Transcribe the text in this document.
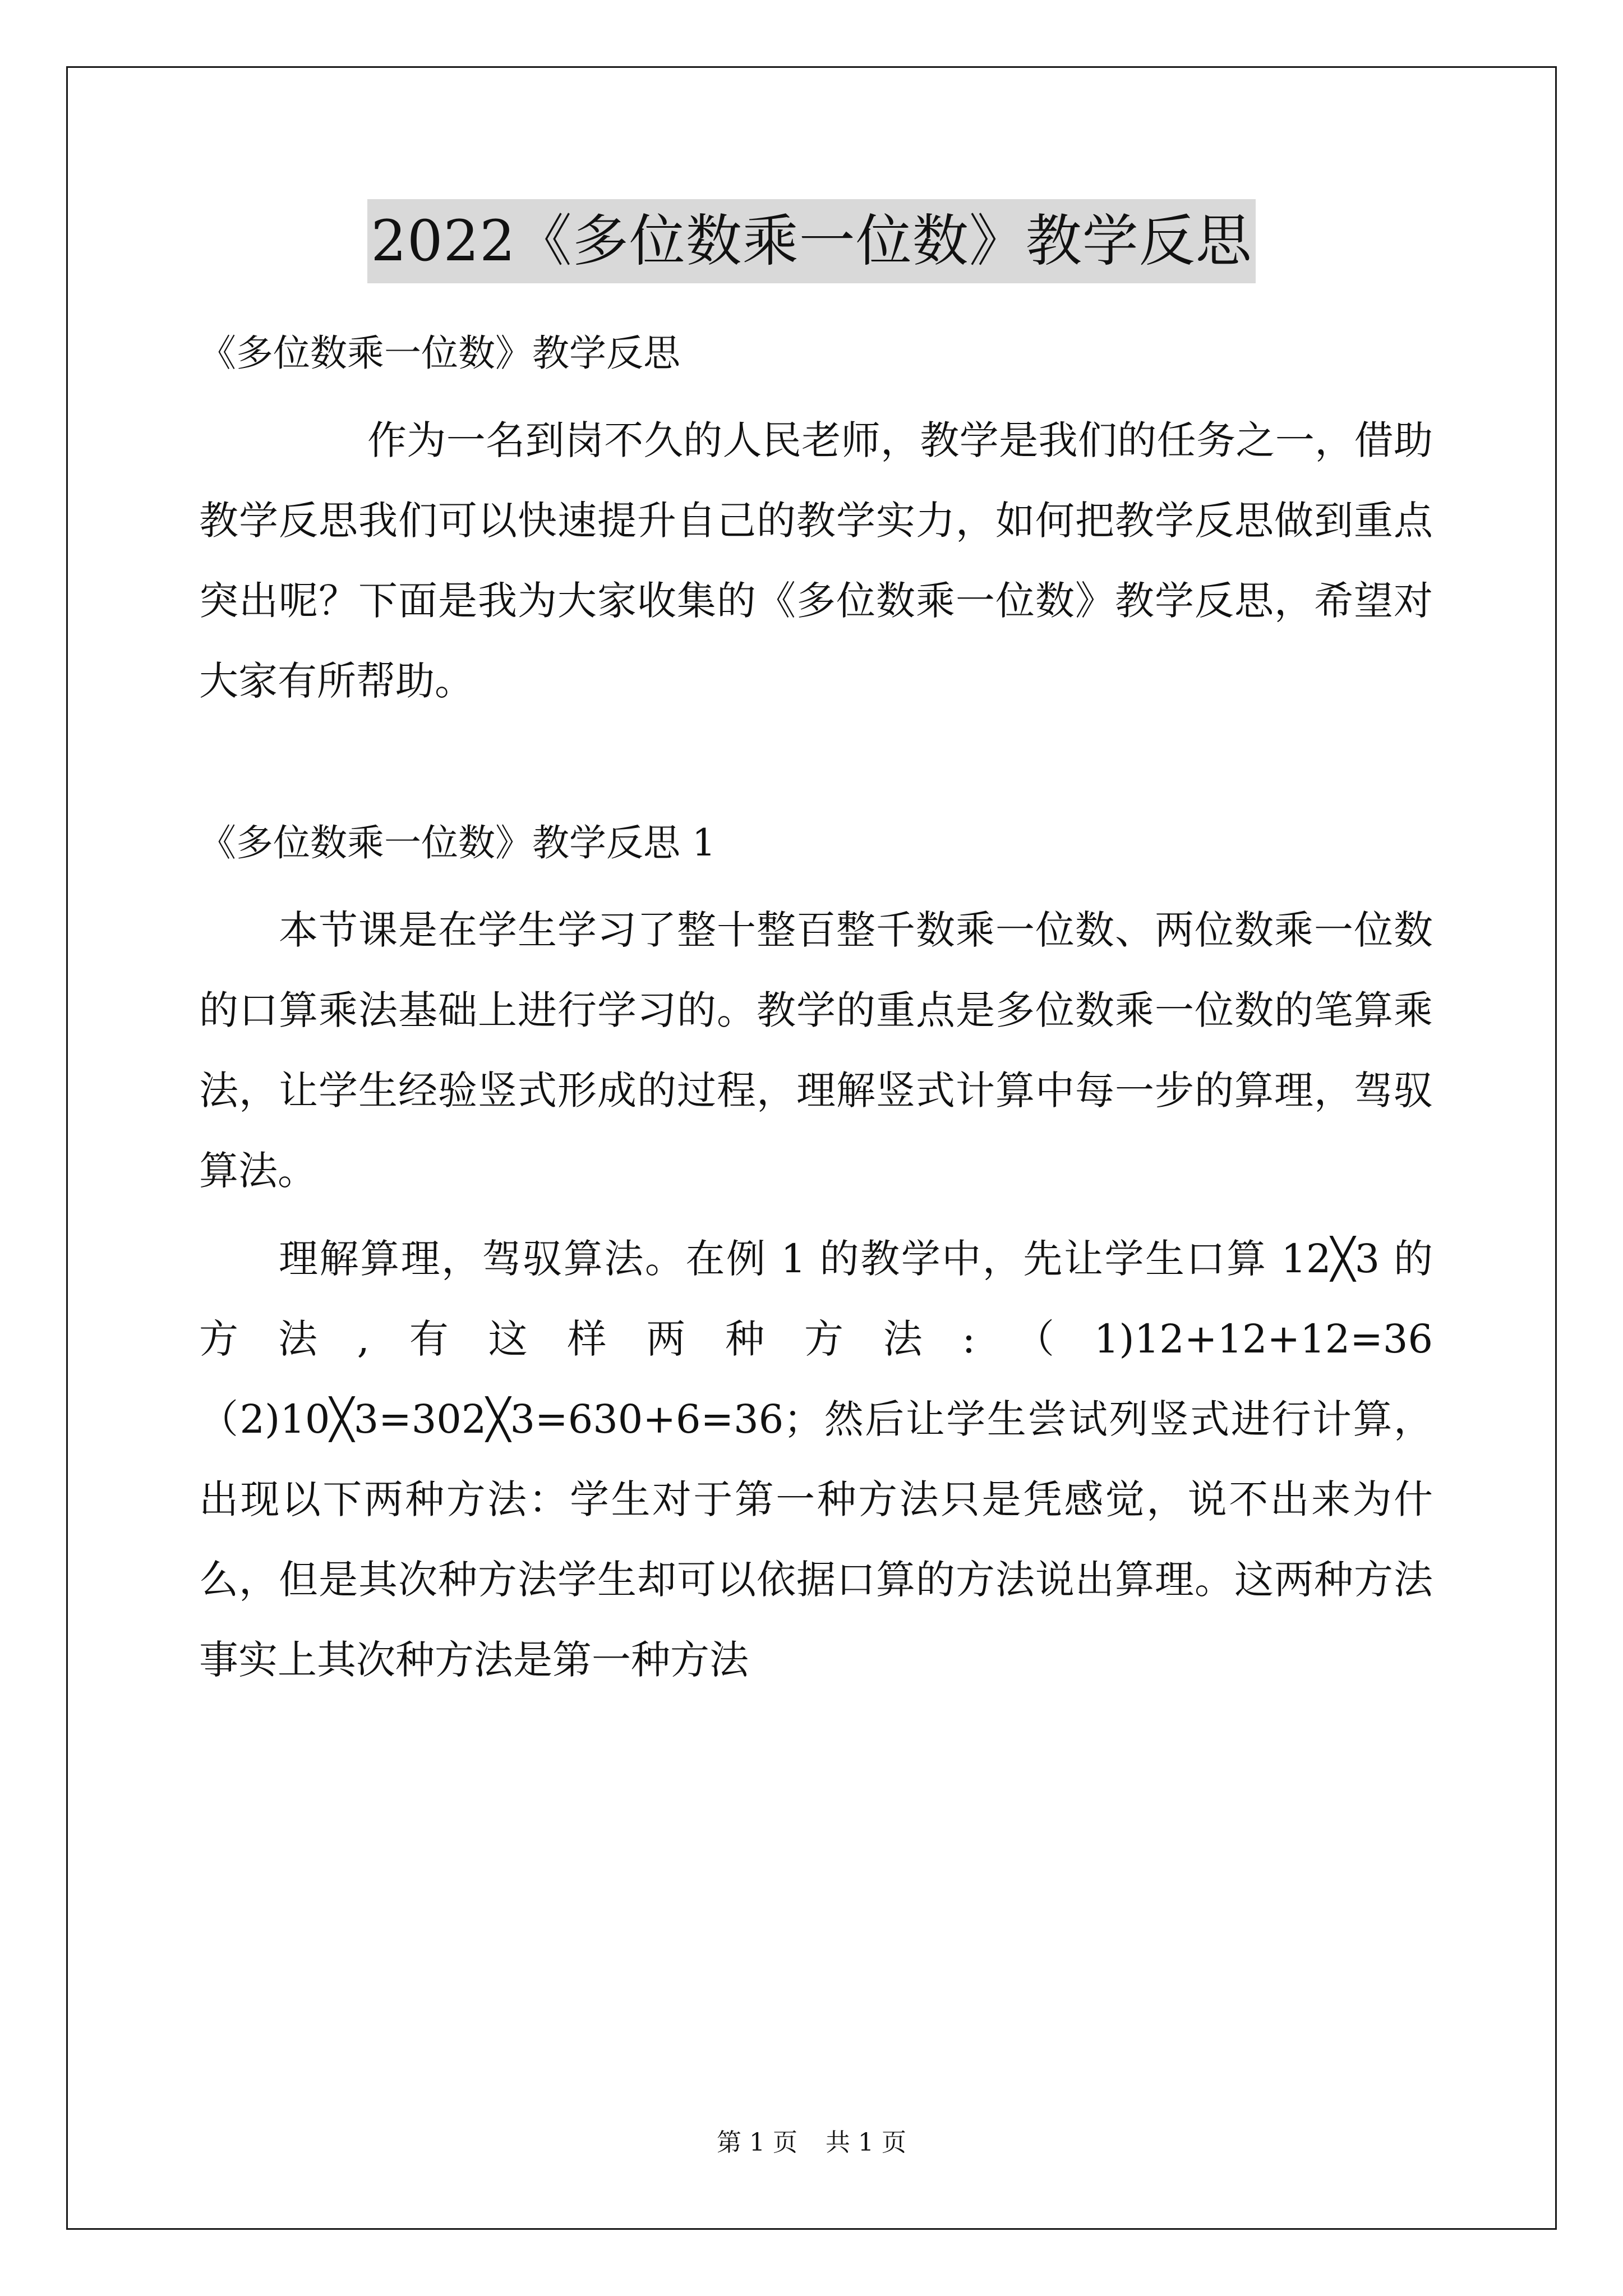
2022《多位数乘一位数》教学反思

《多位数乘一位数》教学反思

作为一名到岗不久的人民老师，教学是我们的任务之一，借助教学反思我们可以快速提升自己的教学实力，如何把教学反思做到重点突出呢？下面是我为大家收集的《多位数乘一位数》教学反思，希望对大家有所帮助。

《多位数乘一位数》教学反思 1

本节课是在学生学习了整十整百整千数乘一位数、两位数乘一位数的口算乘法基础上进行学习的。教学的重点是多位数乘一位数的笔算乘法，让学生经验竖式形成的过程，理解竖式计算中每一步的算理，驾驭算法。

理解算理，驾驭算法。在例 1 的教学中，先让学生口算 12╳3 的方法,有这样两种方法:（1)12+12+12=36（2)10╳3=302╳3=630+6=36；然后让学生尝试列竖式进行计算，出现以下两种方法：学生对于第一种方法只是凭感觉，说不出来为什么，但是其次种方法学生却可以依据口算的方法说出算理。这两种方法事实上其次种方法是第一种方法

第 1 页 共 1 页
